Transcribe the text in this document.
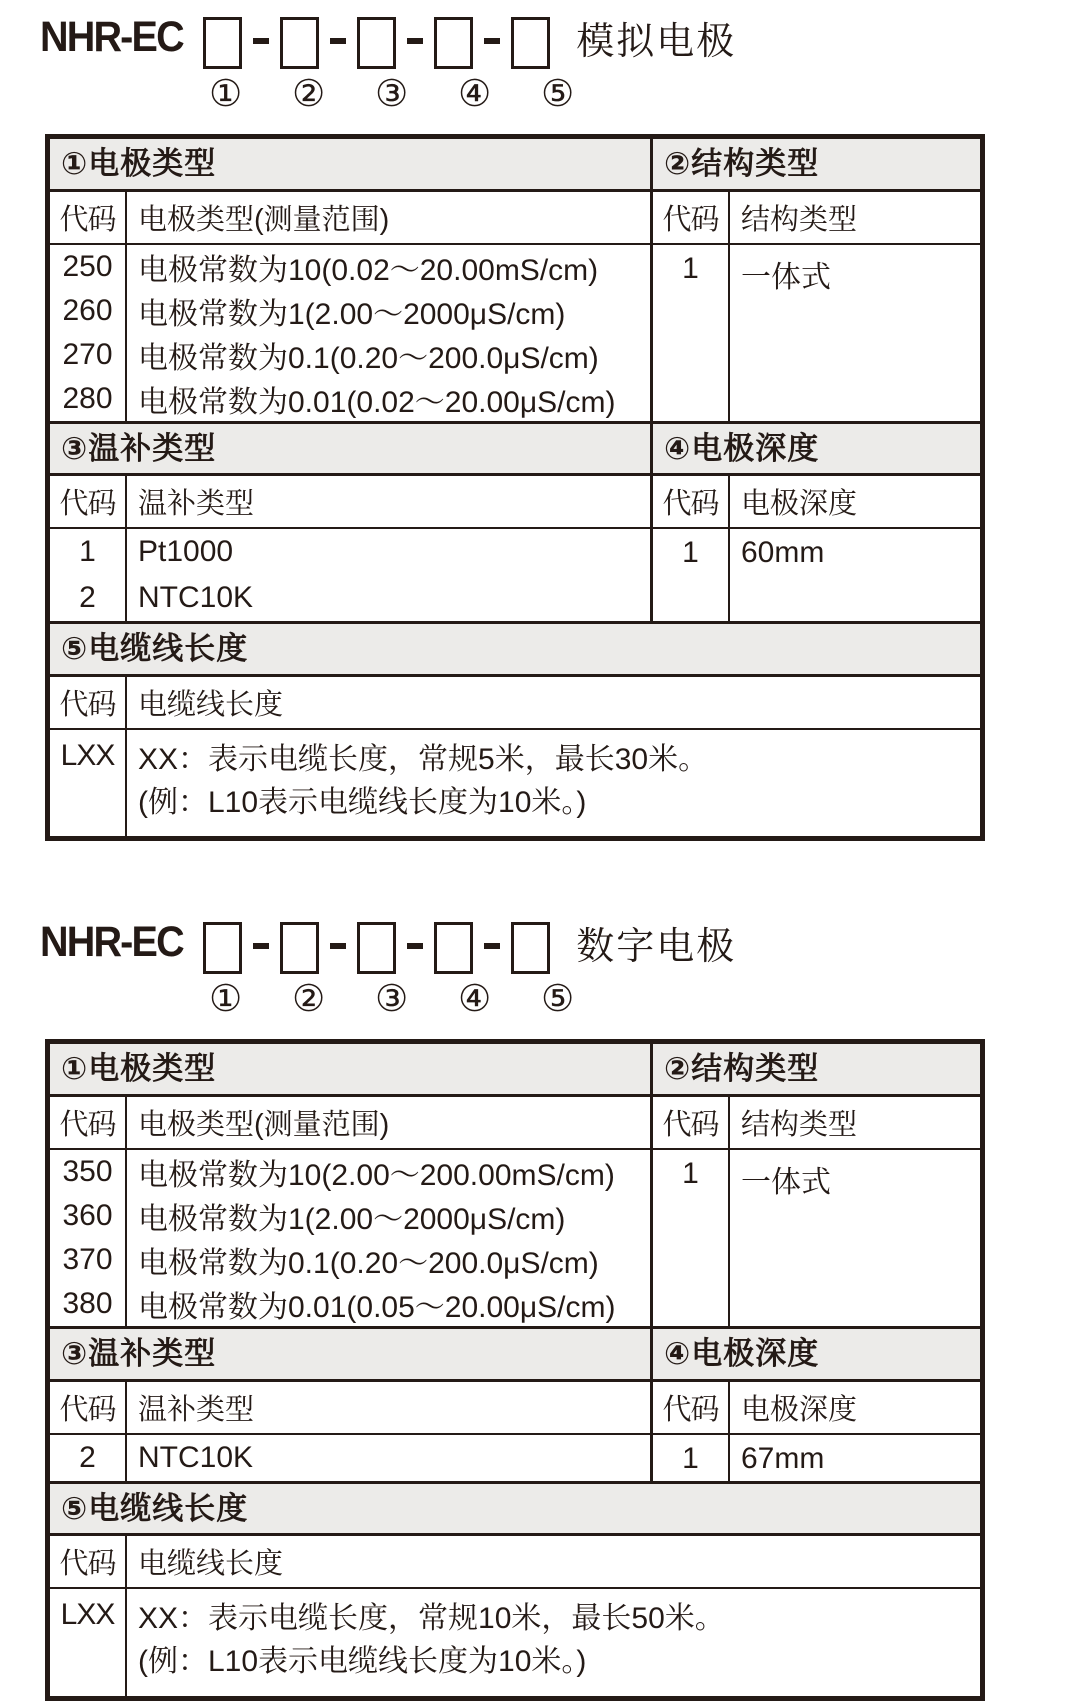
NHR-EC	模拟电极
① ② ③ ④ ⑤
①电极类型
代码 电极类型(测量范围)
250 电极常数为10(0.02～20.00mS/cm)
260 电极常数为1(2.00～2000μS/cm)
270 电极常数为0.1(0.20～200.0μS/cm)
280 电极常数为0.01(0.02～20.00μS/cm)
②结构类型
代码 结构类型
1	一体式
③温补类型
代码 温补类型
1	Pt1000
2	NTC10K
④电极深度
代码 电极深度
1	60mm
⑤电缆线长度
代码 电缆线长度
LXX XX：表示电缆长度，常规5米，最长30米。
(例：L10表示电缆线长度为10米。)
NHR-EC	数字电极
① ② ③ ④ ⑤
①电极类型
代码 电极类型(测量范围)
350 电极常数为10(2.00～200.00mS/cm)
360 电极常数为1(2.00～2000μS/cm)
370 电极常数为0.1(0.20～200.0μS/cm)
380 电极常数为0.01(0.05～20.00μS/cm)
②结构类型
代码 结构类型
1	一体式
③温补类型
代码 温补类型
2	NTC10K
④电极深度
代码 电极深度
1	67mm
⑤电缆线长度
代码 电缆线长度
LXX XX：表示电缆长度，常规10米，最长50米。
(例：L10表示电缆线长度为10米。)
